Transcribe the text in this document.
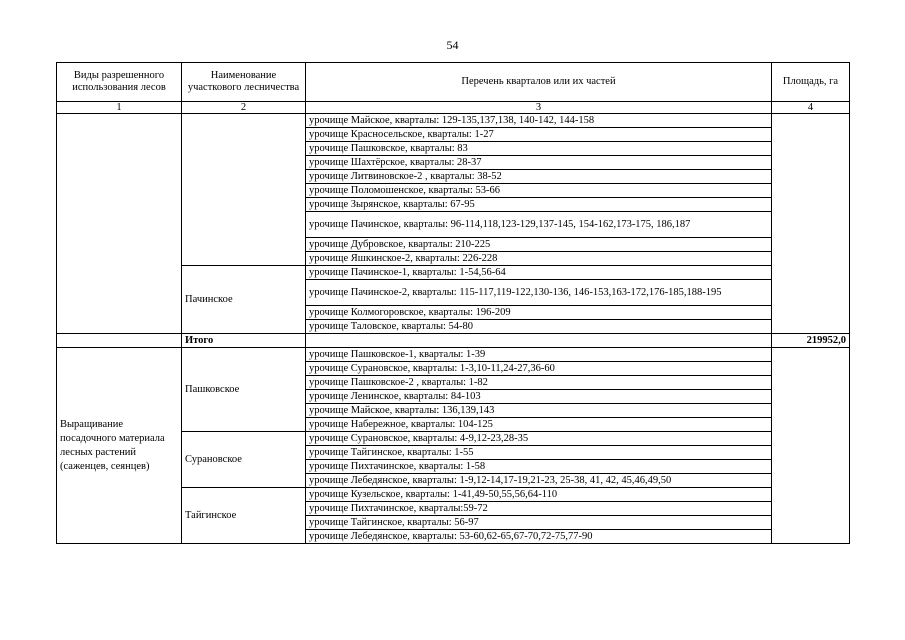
54
Виды разрешенного использования лесов	Наименование участкового лесничества	Перечень кварталов или их частей	Площадь, га
1	2	3	4
		урочище Майское, кварталы: 129-135,137,138, 140-142, 144-158	
		урочище Красносельское, кварталы: 1-27	
		урочище Пашковское, кварталы: 83	
		урочище Шахтёрское, кварталы: 28-37	
		урочище Литвиновское-2 , кварталы: 38-52	
		урочище Поломошенское, кварталы: 53-66	
		урочище Зырянское, кварталы: 67-95	
		урочище Пачинское, кварталы: 96-114,118,123-129,137-145, 154-162,173-175, 186,187	
		урочище Дубровское, кварталы: 210-225	
		урочище Яшкинское-2, кварталы: 226-228	
	Пачинское	урочище Пачинское-1, кварталы: 1-54,56-64	
		урочище Пачинское-2, кварталы: 115-117,119-122,130-136, 146-153,163-172,176-185,188-195	
		урочище Колмогоровское, кварталы: 196-209	
		урочище Таловское, кварталы: 54-80	
	Итого		219952,0
Выращивание посадочного материала лесных растений (саженцев, сеянцев)	Пашковское	урочище Пашковское-1, кварталы: 1-39	
		урочище Сурановское, кварталы: 1-3,10-11,24-27,36-60	
		урочище Пашковское-2 , кварталы: 1-82	
		урочище Ленинское, кварталы: 84-103	
		урочище Майское, кварталы: 136,139,143	
		урочище Набережное, кварталы: 104-125	
	Сурановское	урочище Сурановское, кварталы: 4-9,12-23,28-35	
		урочище Тайгинское, кварталы: 1-55	
		урочище Пихтачинское, кварталы: 1-58	
		урочище Лебедянское, кварталы: 1-9,12-14,17-19,21-23, 25-38, 41, 42, 45,46,49,50	
	Тайгинское	урочище Кузельское, кварталы: 1-41,49-50,55,56,64-110	
		урочище Пихтачинское, кварталы:59-72	
		урочище Тайгинское, кварталы: 56-97	
		урочище Лебедянское, кварталы: 53-60,62-65,67-70,72-75,77-90	
